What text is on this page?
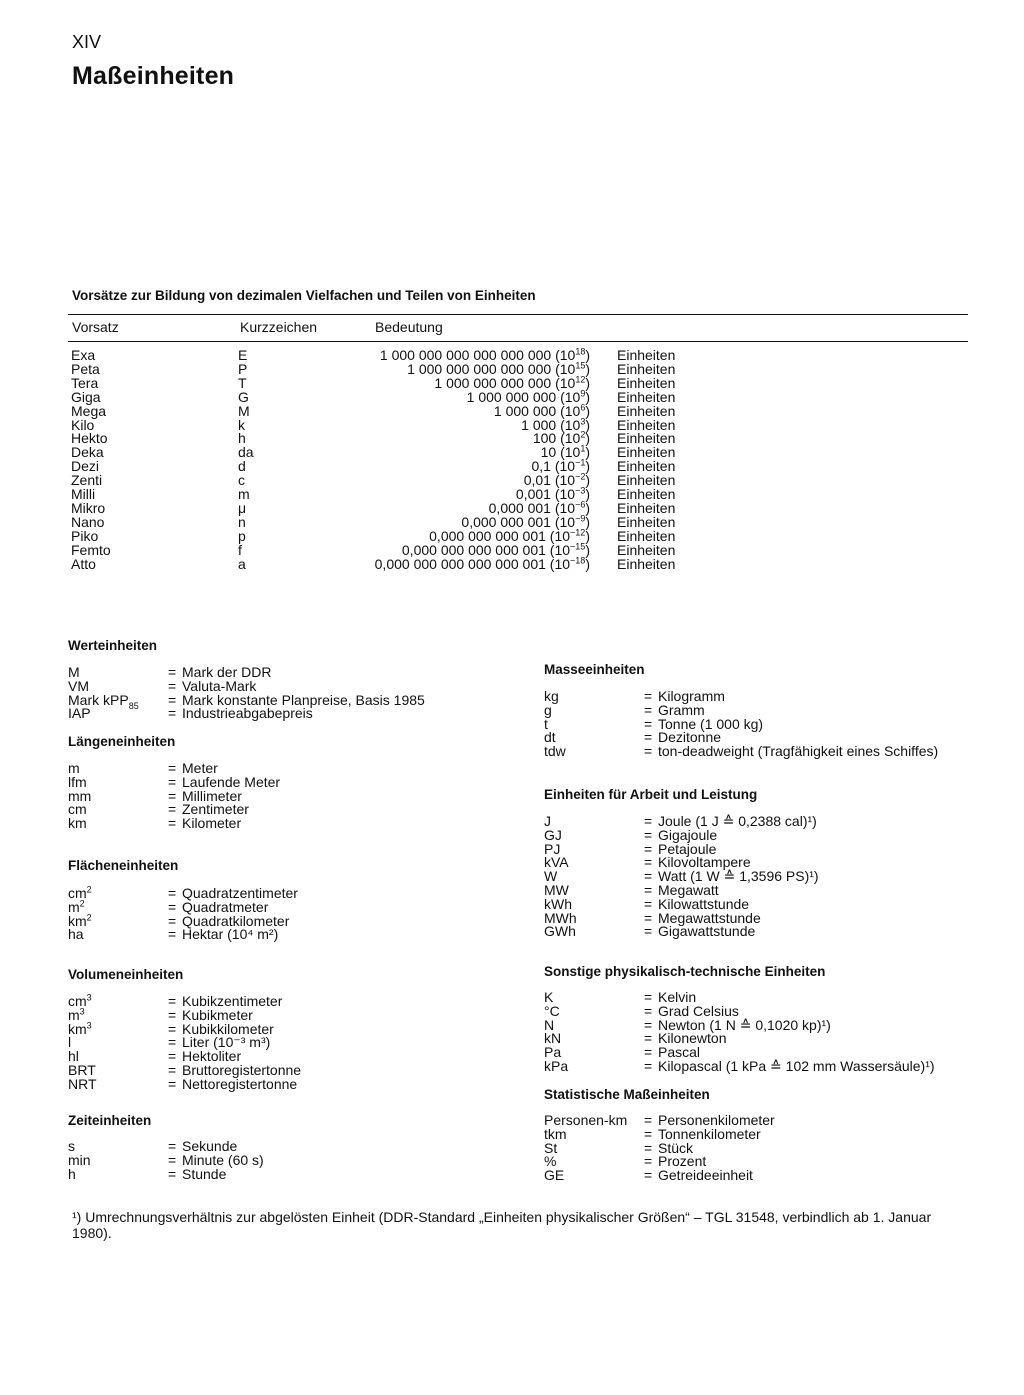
XIV
Maßeinheiten
Vorsätze zur Bildung von dezimalen Vielfachen und Teilen von Einheiten
Vorsatz	Kurzzeichen	Bedeutung
Exa	E	1 000 000 000 000 000 000 $(10^{18})$ Einheiten
Peta	P	1 000 000 000 000 000 $(10^{15})$ Einheiten
Tera	T	1 000 000 000 000 $(10^{12})$ Einheiten
Giga	G	1 000 000 000 $(10^9)$ Einheiten
Mega	M	1 000 000 $(10^6)$ Einheiten
Kilo	k	1 000 $(10^3)$ Einheiten
Hekto	h	100 $(10^2)$ Einheiten
Deka	da	10 $(10^1)$ Einheiten
Dezi	d	0,1 $(10^{-1})$ Einheiten
Zenti	c	0,01 $(10^{-2})$ Einheiten
Milli	m	0,001 $(10^{-3})$ Einheiten
Mikro	μ	0,000 001 $(10^{-6})$ Einheiten
Nano	n	0,000 000 001 $(10^{-9})$ Einheiten
Piko	p	0,000 000 000 001 $(10^{-12})$ Einheiten
Femto	f	0,000 000 000 000 001 $(10^{-15})$ Einheiten
Atto	a	0,000 000 000 000 000 001 $(10^{-18})$ Einheiten
Werteinheiten
M	= Mark der DDR
VM	= Valuta-Mark
Mark kPP$_{85}$ = Mark konstante Planpreise, Basis 1985
IAP	= Industrieabgabepreis
Längeneinheiten
m	= Meter
lfm	= Laufende Meter
mm	= Millimeter
cm	= Zentimeter
km	= Kilometer
Flächeneinheiten
$cm^2$	= Quadratzentimeter
$m^2$	= Quadratmeter
$km^2$	= Quadratkilometer
ha	= Hektar (10⁴ m²)
Volumeneinheiten
$cm^3$	= Kubikzentimeter
$m^3$	= Kubikmeter
$km^3$	= Kubikkilometer
l	= Liter (10⁻³ m³)
hl	= Hektoliter
BRT	= Bruttoregistertonne
NRT	= Nettoregistertonne
Zeiteinheiten
s	= Sekunde
min	= Minute (60 s)
h	= Stunde
Masseeinheiten
kg	= Kilogramm
g	= Gramm
t	= Tonne (1 000 kg)
dt	= Dezitonne
tdw	= ton-deadweight (Tragfähigkeit eines Schiffes)
Einheiten für Arbeit und Leistung
J	= Joule (1 J ≙ 0,2388 cal)¹)
GJ	= Gigajoule
PJ	= Petajoule
kVA	= Kilovoltampere
W	= Watt (1 W ≙ 1,3596 PS)¹)
MW	= Megawatt
kWh	= Kilowattstunde
MWh	= Megawattstunde
GWh	= Gigawattstunde
Sonstige physikalisch-technische Einheiten
K	= Kelvin
°C	= Grad Celsius
N	= Newton (1 N ≙ 0,1020 kp)¹)
kN	= Kilonewton
Pa	= Pascal
kPa	= Kilopascal (1 kPa ≙ 102 mm Wassersäule)¹)
Statistische Maßeinheiten
Personen-km = Personenkilometer
tkm	= Tonnenkilometer
St	= Stück
%	= Prozent
GE	= Getreideeinheit
¹) Umrechnungsverhältnis zur abgelösten Einheit (DDR-Standard „Einheiten physikalischer Größen“ – TGL 31548, verbindlich ab 1. Januar 1980).
